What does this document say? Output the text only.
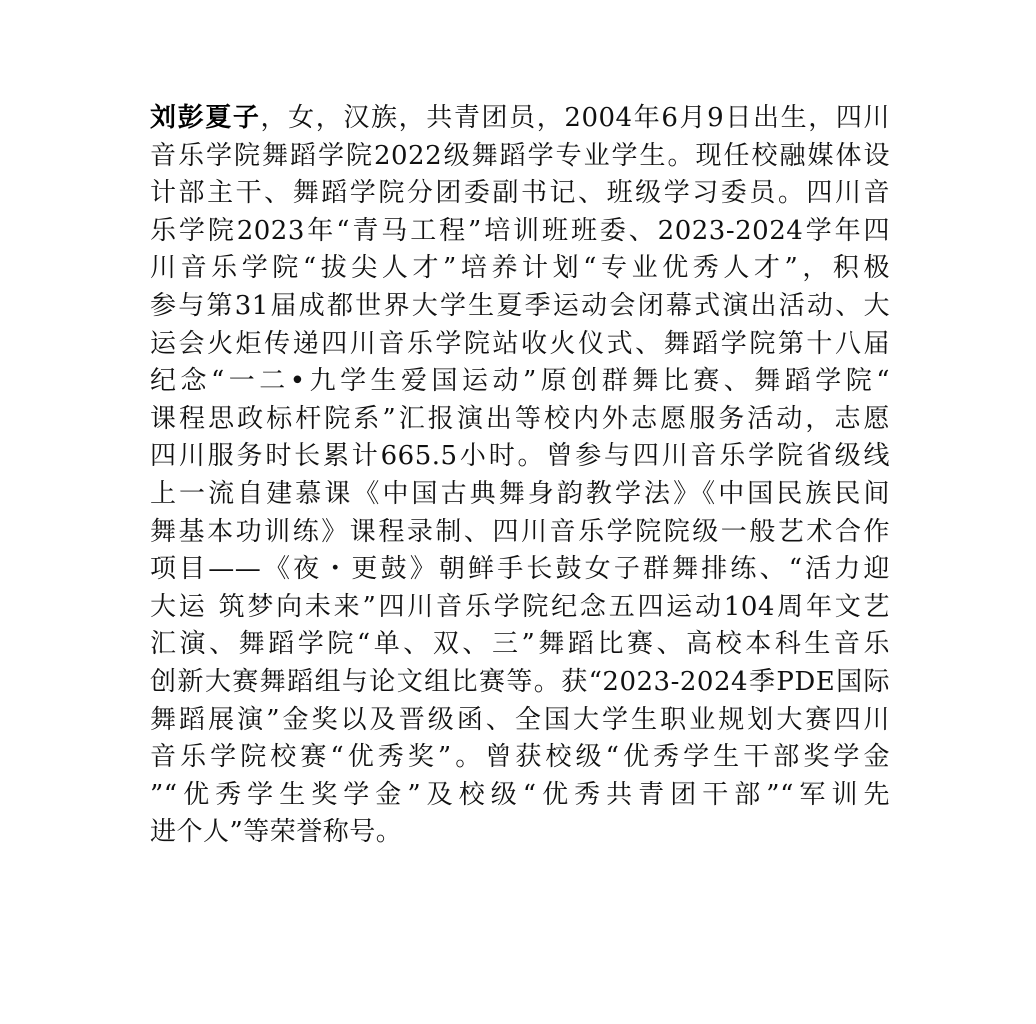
刘彭夏子，女，汉族，共青团员，2004年6月9日出生，四川
音乐学院舞蹈学院2022级舞蹈学专业学生。现任校融媒体设
计部主干、舞蹈学院分团委副书记、班级学习委员。四川音
乐学院2023年“青马工程”培训班班委、2023-2024学年四
川音乐学院“拔尖人才”培养计划“专业优秀人才”，积极
参与第31届成都世界大学生夏季运动会闭幕式演出活动、大
运会火炬传递四川音乐学院站收火仪式、舞蹈学院第十八届
纪念“一二•九学生爱国运动”原创群舞比赛、舞蹈学院“
课程思政标杆院系”汇报演出等校内外志愿服务活动，志愿
四川服务时长累计665.5小时。曾参与四川音乐学院省级线
上一流自建慕课《中国古典舞身韵教学法》《中国民族民间
舞基本功训练》课程录制、四川音乐学院院级一般艺术合作
项目——《夜・更鼓》朝鲜手长鼓女子群舞排练、“活力迎
大运 筑梦向未来”四川音乐学院纪念五四运动104周年文艺
汇演、舞蹈学院“单、双、三”舞蹈比赛、高校本科生音乐
创新大赛舞蹈组与论文组比赛等。获“2023-2024季PDE国际
舞蹈展演”金奖以及晋级函、全国大学生职业规划大赛四川
音乐学院校赛“优秀奖”。曾获校级“优秀学生干部奖学金
”“优秀学生奖学金”及校级“优秀共青团干部”“军训先
进个人”等荣誉称号。
